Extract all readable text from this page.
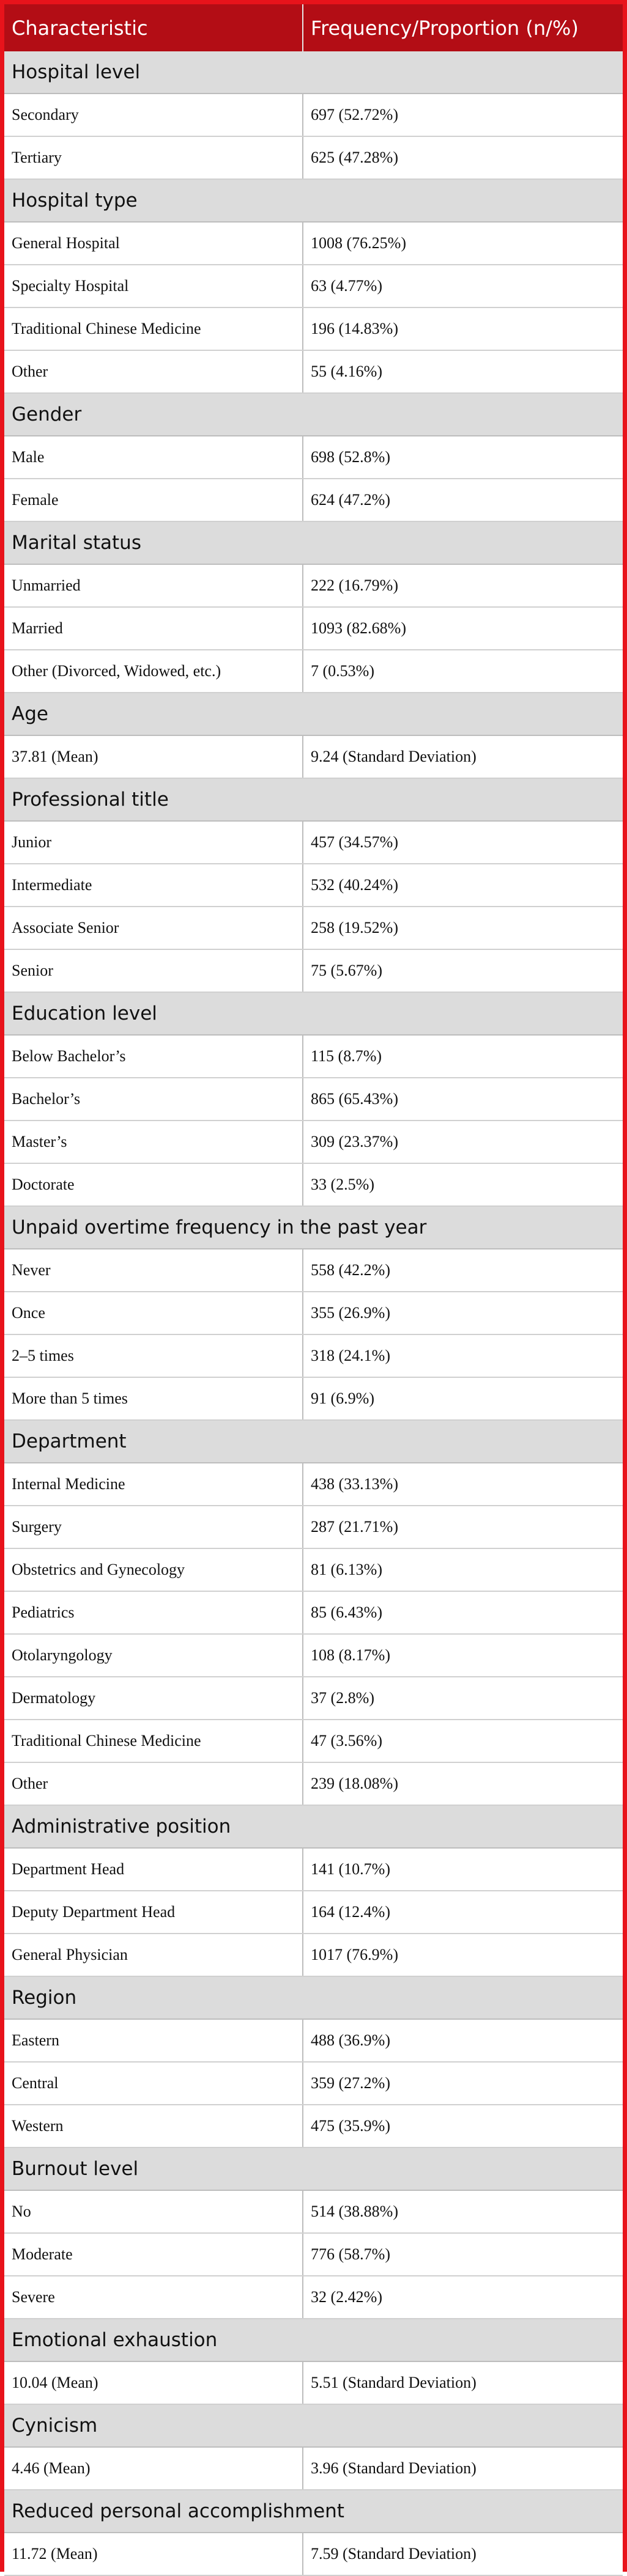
Characteristic	Frequency/Proportion (n/%)
Hospital level	
Secondary	697 (52.72%)
Tertiary	625 (47.28%)
Hospital type	
General Hospital	1008 (76.25%)
Specialty Hospital	63 (4.77%)
Traditional Chinese Medicine	196 (14.83%)
Other	55 (4.16%)
Gender	
Male	698 (52.8%)
Female	624 (47.2%)
Marital status	
Unmarried	222 (16.79%)
Married	1093 (82.68%)
Other (Divorced, Widowed, etc.)	7 (0.53%)
Age	
37.81 (Mean)	9.24 (Standard Deviation)
Professional title	
Junior	457 (34.57%)
Intermediate	532 (40.24%)
Associate Senior	258 (19.52%)
Senior	75 (5.67%)
Education level	
Below Bachelor’s	115 (8.7%)
Bachelor’s	865 (65.43%)
Master’s	309 (23.37%)
Doctorate	33 (2.5%)
Unpaid overtime frequency in the past year	
Never	558 (42.2%)
Once	355 (26.9%)
2–5 times	318 (24.1%)
More than 5 times	91 (6.9%)
Department	
Internal Medicine	438 (33.13%)
Surgery	287 (21.71%)
Obstetrics and Gynecology	81 (6.13%)
Pediatrics	85 (6.43%)
Otolaryngology	108 (8.17%)
Dermatology	37 (2.8%)
Traditional Chinese Medicine	47 (3.56%)
Other	239 (18.08%)
Administrative position	
Department Head	141 (10.7%)
Deputy Department Head	164 (12.4%)
General Physician	1017 (76.9%)
Region	
Eastern	488 (36.9%)
Central	359 (27.2%)
Western	475 (35.9%)
Burnout level	
No	514 (38.88%)
Moderate	776 (58.7%)
Severe	32 (2.42%)
Emotional exhaustion	
10.04 (Mean)	5.51 (Standard Deviation)
Cynicism	
4.46 (Mean)	3.96 (Standard Deviation)
Reduced personal accomplishment	
11.72 (Mean)	7.59 (Standard Deviation)
